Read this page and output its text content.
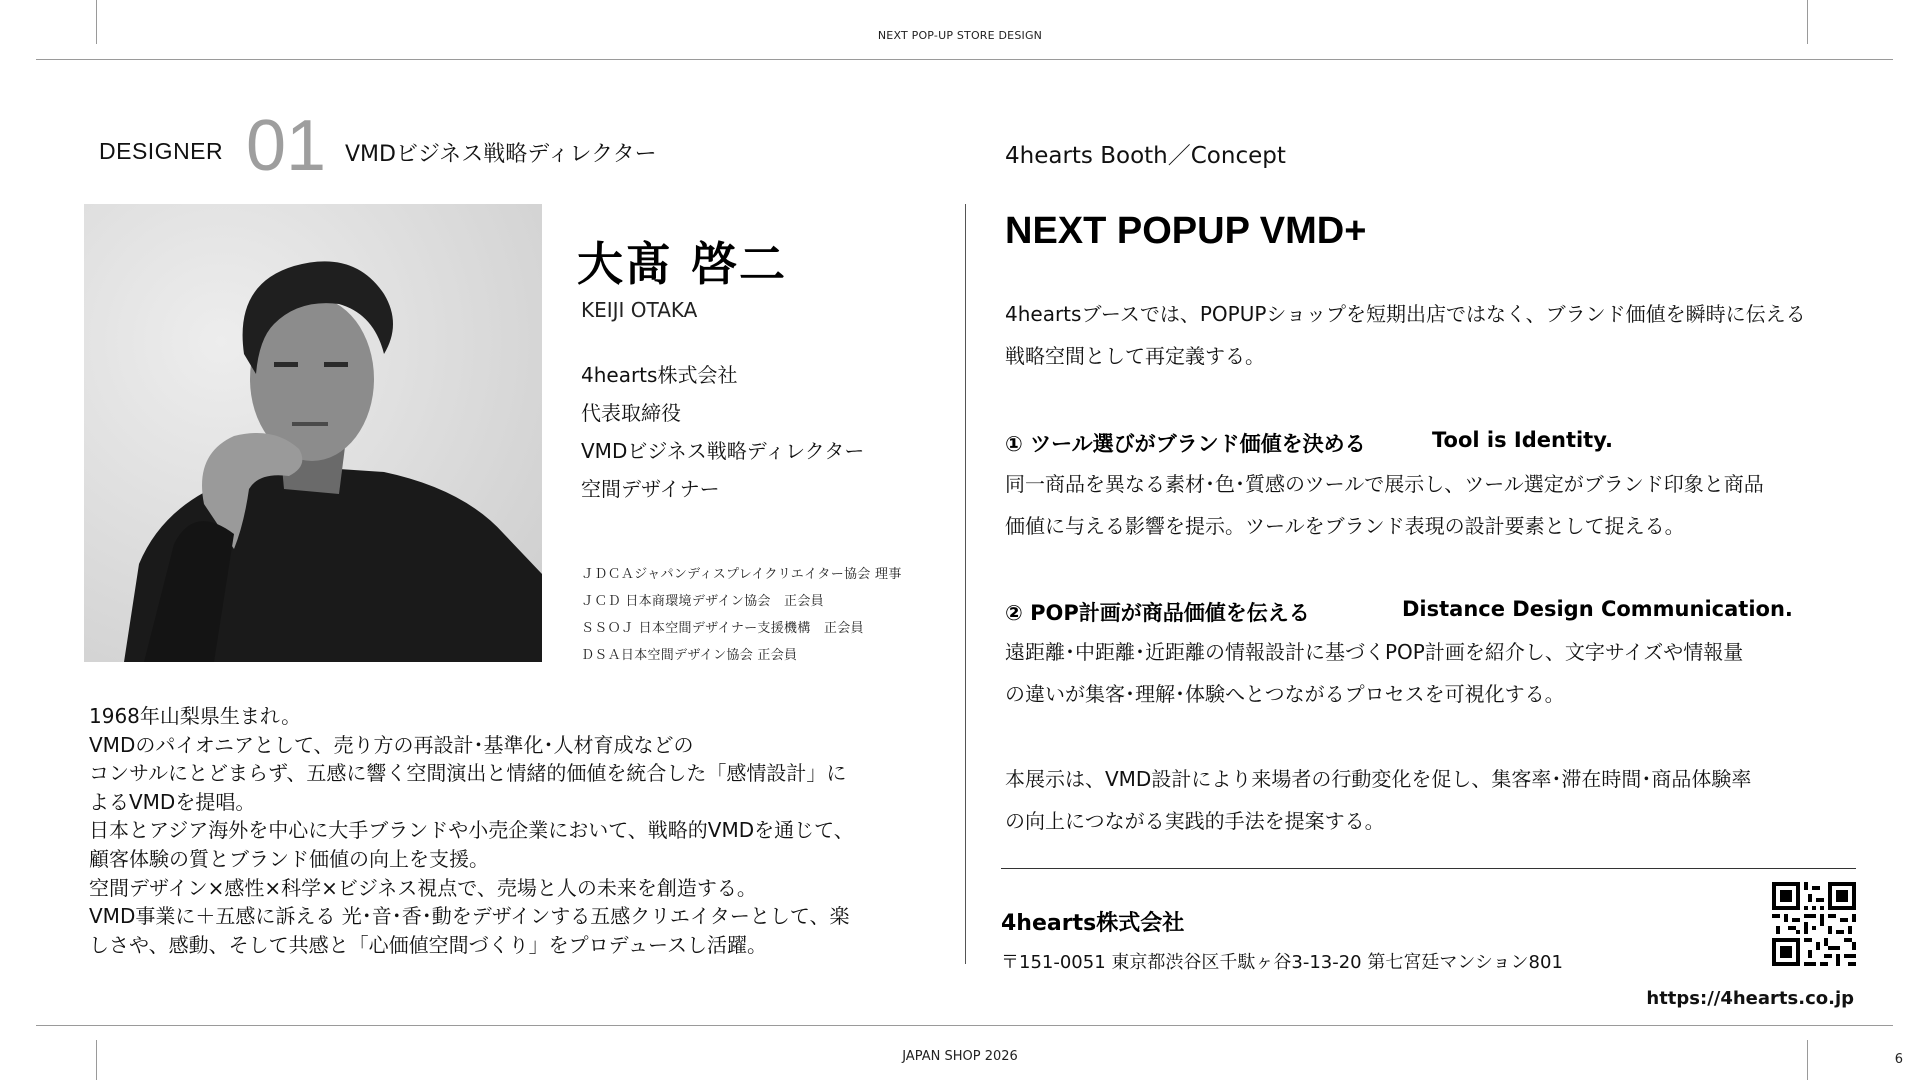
NEXT POP-UP STORE DESIGN
JAPAN SHOP 2026	6
DESIGNER 01 VMDビジネス戦略ディレクター
大髙 啓二
KEIJI OTAKA
4hearts株式会社
代表取締役
VMDビジネス戦略ディレクター
空間デザイナー
ＪＤＣＡジャパンディスプレイクリエイター協会 理事
ＪＣＤ 日本商環境デザイン協会　正会員
ＳＳＯＪ 日本空間デザイナー支援機構　正会員
ＤＳＡ日本空間デザイン協会 正会員
1968年山梨県生まれ。
VMDのパイオニアとして、売り方の再設計･基準化･人材育成などの
コンサルにとどまらず、五感に響く空間演出と情緒的価値を統合した「感情設計」に
よるVMDを提唱。
日本とアジア海外を中心に大手ブランドや小売企業において、戦略的VMDを通じて、
顧客体験の質とブランド価値の向上を支援。
空間デザイン×感性×科学×ビジネス視点で、売場と人の未来を創造する。
VMD事業に＋五感に訴える 光･音･香･動をデザインする五感クリエイターとして、楽
しさや、感動、そして共感と「心価値空間づくり」をプロデュースし活躍。
4hearts Booth／Concept
NEXT POPUP VMD+
4heartsブースでは、POPUPショップを短期出店ではなく、ブランド価値を瞬時に伝える
戦略空間として再定義する。
① ツール選びがブランド価値を決める	Tool is Identity.
同一商品を異なる素材･色･質感のツールで展示し、ツール選定がブランド印象と商品
価値に与える影響を提示。ツールをブランド表現の設計要素として捉える。
② POP計画が商品価値を伝える	Distance Design Communication.
遠距離･中距離･近距離の情報設計に基づくPOP計画を紹介し、文字サイズや情報量
の違いが集客･理解･体験へとつながるプロセスを可視化する。
本展示は、VMD設計により来場者の行動変化を促し、集客率･滞在時間･商品体験率
の向上につながる実践的手法を提案する。
4hearts株式会社
〒151-0051 東京都渋谷区千駄ヶ谷3-13-20 第七宮廷マンション801
https://4hearts.co.jp
